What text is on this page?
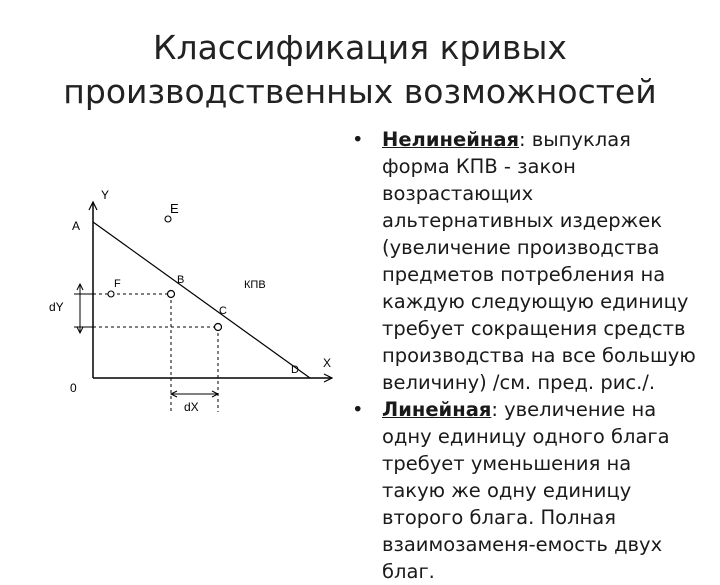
Классификация кривых
производственных возможностей
Y
X
0
A
B
C
D
E
F	КПВ
dY
dX
• Нелинейная: выпуклая форма КПВ - закон возрастающих альтернативных издержек (увеличение производства предметов потребления на каждую следующую единицу требует сокращения средств производства на все большую величину) /см. пред. рис./.
• Линейная: увеличение на одну единицу одного блага требует уменьшения на такую же одну единицу второго блага. Полная взаимозаменя-емость двух благ.
